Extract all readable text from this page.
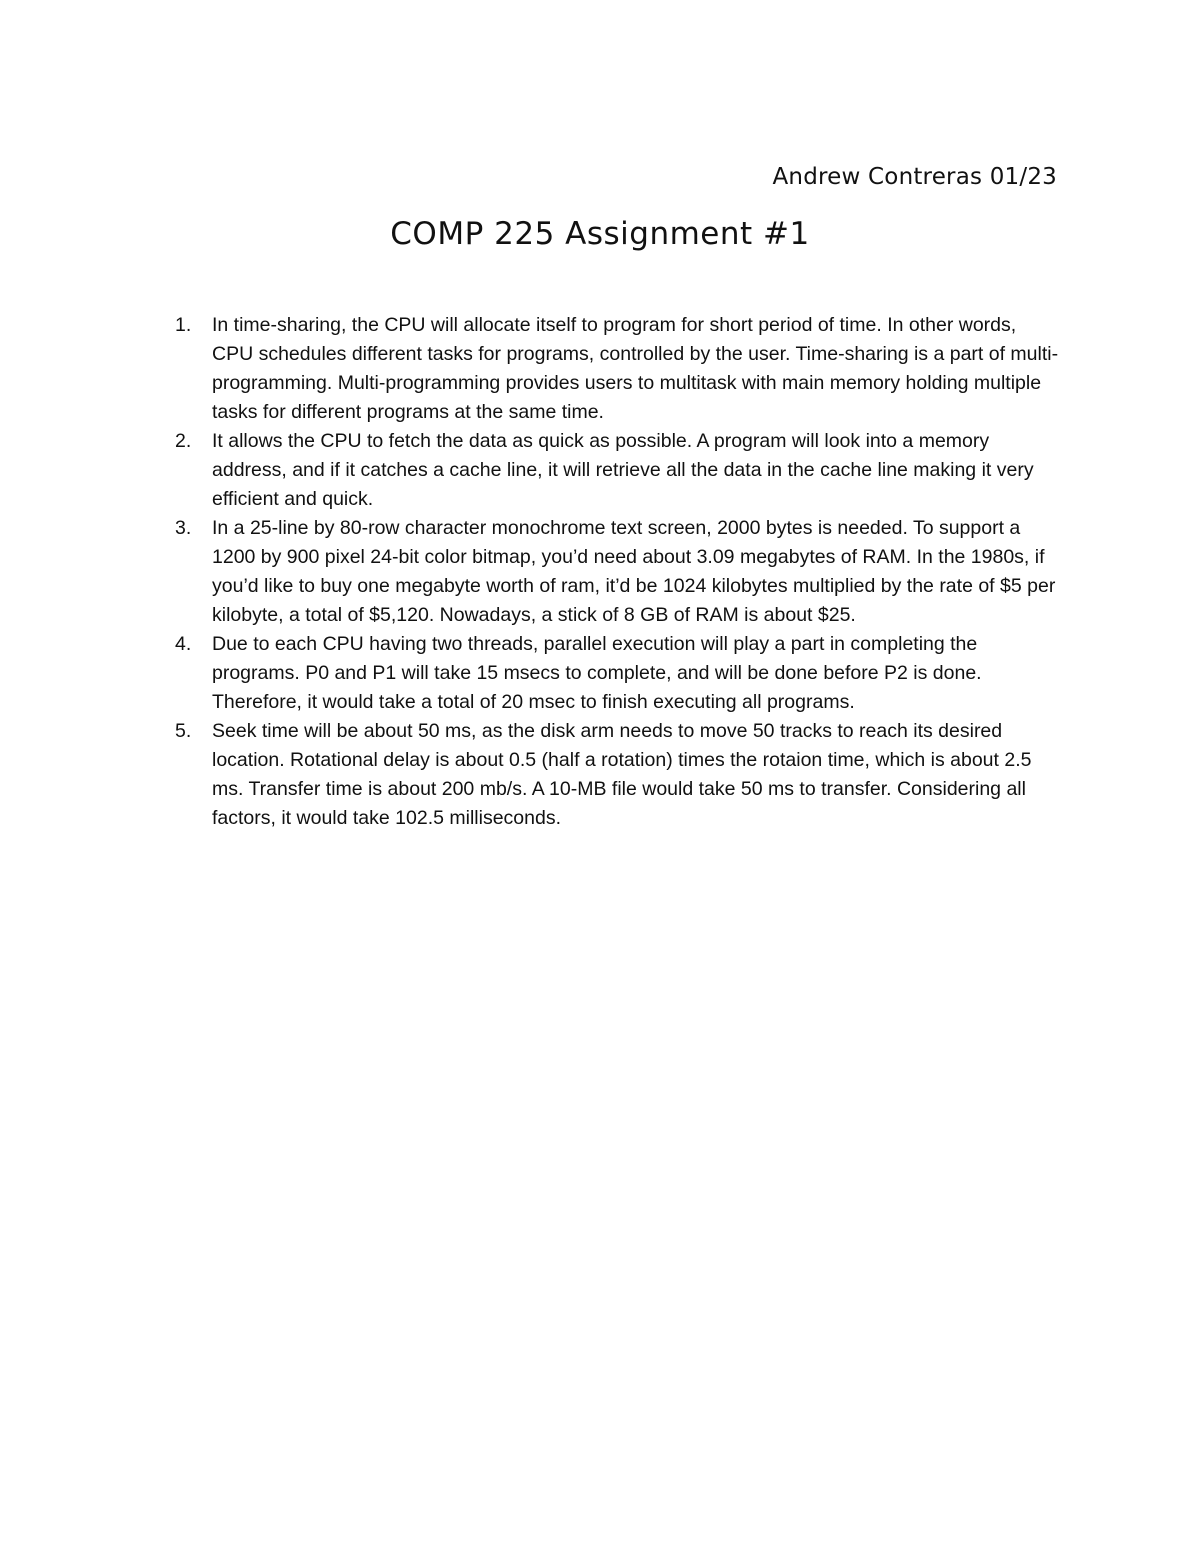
Andrew Contreras 01/23
COMP 225 Assignment #1
1.	In time-sharing, the CPU will allocate itself to program for short period of time. In other words, CPU schedules different tasks for programs, controlled by the user. Time-sharing is a part of multi-programming. Multi-programming provides users to multitask with main memory holding multiple tasks for different programs at the same time.
2.	It allows the CPU to fetch the data as quick as possible. A program will look into a memory address, and if it catches a cache line, it will retrieve all the data in the cache line making it very efficient and quick.
3.	In a 25-line by 80-row character monochrome text screen, 2000 bytes is needed. To support a 1200 by 900 pixel 24-bit color bitmap, you’d need about 3.09 megabytes of RAM. In the 1980s, if you’d like to buy one megabyte worth of ram, it’d be 1024 kilobytes multiplied by the rate of $5 per kilobyte, a total of $5,120. Nowadays, a stick of 8 GB of RAM is about $25.
4.	Due to each CPU having two threads, parallel execution will play a part in completing the programs. P0 and P1 will take 15 msecs to complete, and will be done before P2 is done. Therefore, it would take a total of 20 msec to finish executing all programs.
5.	Seek time will be about 50 ms, as the disk arm needs to move 50 tracks to reach its desired location. Rotational delay is about 0.5 (half a rotation) times the rotaion time, which is about 2.5 ms. Transfer time is about 200 mb/s. A 10-MB file would take 50 ms to transfer. Considering all factors, it would take 102.5 milliseconds.
